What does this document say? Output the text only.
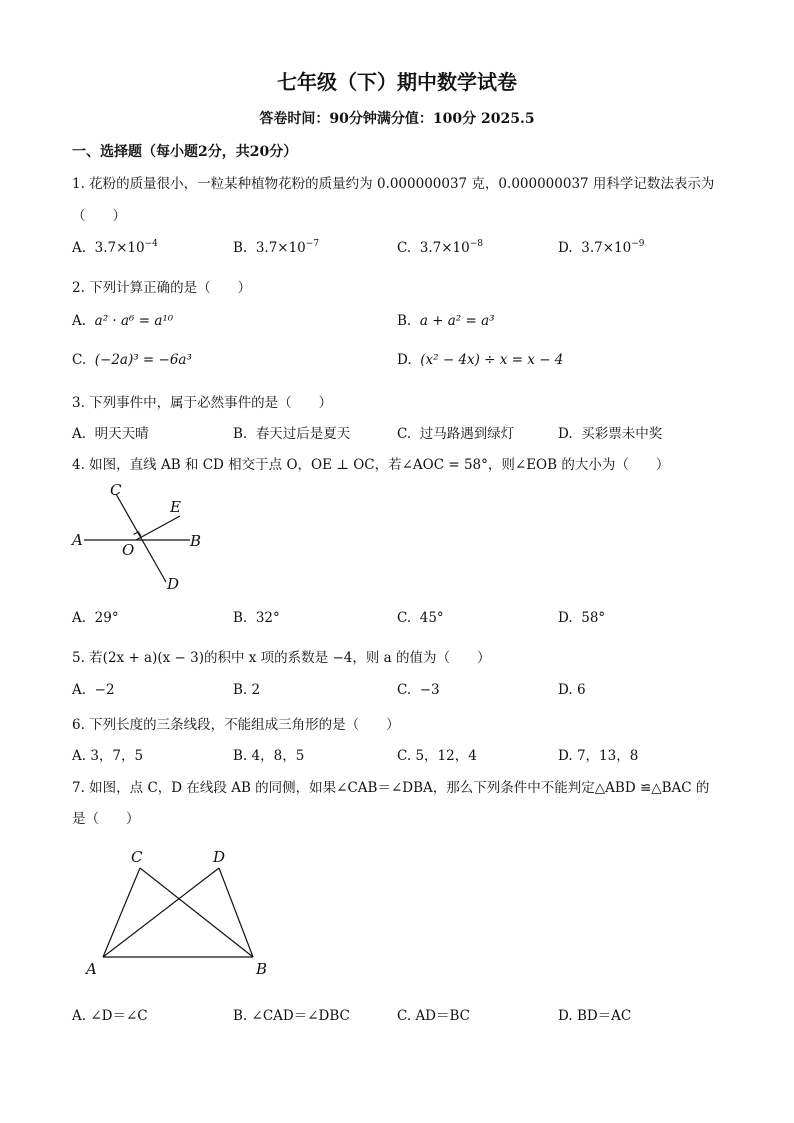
七年级（下）期中数学试卷
答卷时间：90分钟满分值：100分 2025.5
一、选择题（每小题2分，共20分）
1. 花粉的质量很小，一粒某种植物花粉的质量约为 0.000000037 克，0.000000037 用科学记数法表示为
（　　）
A. $3.7\times 10^{-4}$	B. $3.7\times 10^{-7}$	C. $3.7\times 10^{-8}$	D. $3.7\times 10^{-9}$
2. 下列计算正确的是（　　）
A. a² · a⁶ = a¹⁰	B. a + a² = a³
C. (−2a)³ = −6a³	D. (x² − 4x) ÷ x = x − 4
3. 下列事件中，属于必然事件的是（　　）
A. 明天天晴	B. 春天过后是夏天	C. 过马路遇到绿灯	D. 买彩票未中奖
4. 如图，直线 AB 和 CD 相交于点 O，OE ⊥ OC，若∠AOC = 58°，则∠EOB 的大小为（　　）
A	B
C
D
E
O
A. 29°	B. 32°	C. 45°	D. 58°
5. 若(2x + a)(x − 3)的积中 x 项的系数是 −4，则 a 的值为（　　）
A. −2	B. 2	C. −3	D. 6
6. 下列长度的三条线段，不能组成三角形的是（　　）
A. 3，7，5	B. 4，8，5	C. 5，12，4	D. 7，13，8
7. 如图，点 C，D 在线段 AB 的同侧，如果∠CAB＝∠DBA，那么下列条件中不能判定△ABD ≌△BAC 的
是（　　）
A	B
C	D
A. ∠D＝∠C	B. ∠CAD＝∠DBC	C. AD＝BC	D. BD＝AC
